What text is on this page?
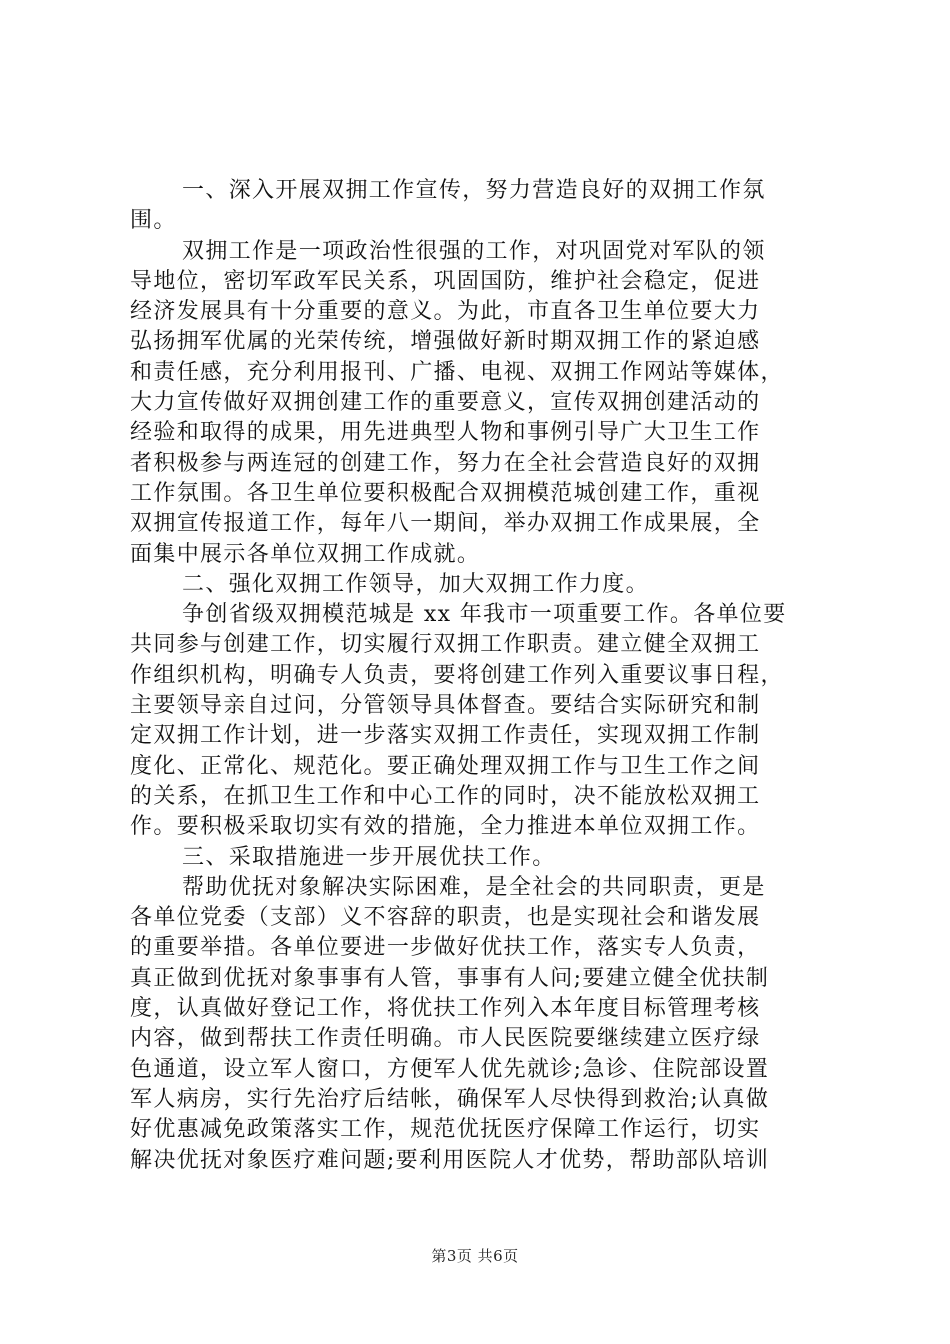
一、深入开展双拥工作宣传，努力营造良好的双拥工作氛
围。
双拥工作是一项政治性很强的工作，对巩固党对军队的领
导地位，密切军政军民关系，巩固国防，维护社会稳定，促进
经济发展具有十分重要的意义。为此，市直各卫生单位要大力
弘扬拥军优属的光荣传统，增强做好新时期双拥工作的紧迫感
和责任感，充分利用报刊、广播、电视、双拥工作网站等媒体，
大力宣传做好双拥创建工作的重要意义，宣传双拥创建活动的
经验和取得的成果，用先进典型人物和事例引导广大卫生工作
者积极参与两连冠的创建工作，努力在全社会营造良好的双拥
工作氛围。各卫生单位要积极配合双拥模范城创建工作，重视
双拥宣传报道工作，每年八一期间，举办双拥工作成果展，全
面集中展示各单位双拥工作成就。
二、强化双拥工作领导，加大双拥工作力度。
争创省级双拥模范城是 xx 年我市一项重要工作。各单位要
共同参与创建工作，切实履行双拥工作职责。建立健全双拥工
作组织机构，明确专人负责，要将创建工作列入重要议事日程，
主要领导亲自过问，分管领导具体督查。要结合实际研究和制
定双拥工作计划，进一步落实双拥工作责任，实现双拥工作制
度化、正常化、规范化。要正确处理双拥工作与卫生工作之间
的关系，在抓卫生工作和中心工作的同时，决不能放松双拥工
作。要积极采取切实有效的措施，全力推进本单位双拥工作。
三、采取措施进一步开展优扶工作。
帮助优抚对象解决实际困难，是全社会的共同职责，更是
各单位党委（支部）义不容辞的职责，也是实现社会和谐发展
的重要举措。各单位要进一步做好优扶工作，落实专人负责，
真正做到优抚对象事事有人管，事事有人问;要建立健全优扶制
度，认真做好登记工作，将优扶工作列入本年度目标管理考核
内容，做到帮扶工作责任明确。市人民医院要继续建立医疗绿
色通道，设立军人窗口，方便军人优先就诊;急诊、住院部设置
军人病房，实行先治疗后结帐，确保军人尽快得到救治;认真做
好优惠减免政策落实工作，规范优抚医疗保障工作运行，切实
解决优抚对象医疗难问题;要利用医院人才优势，帮助部队培训
第3页 共6页
